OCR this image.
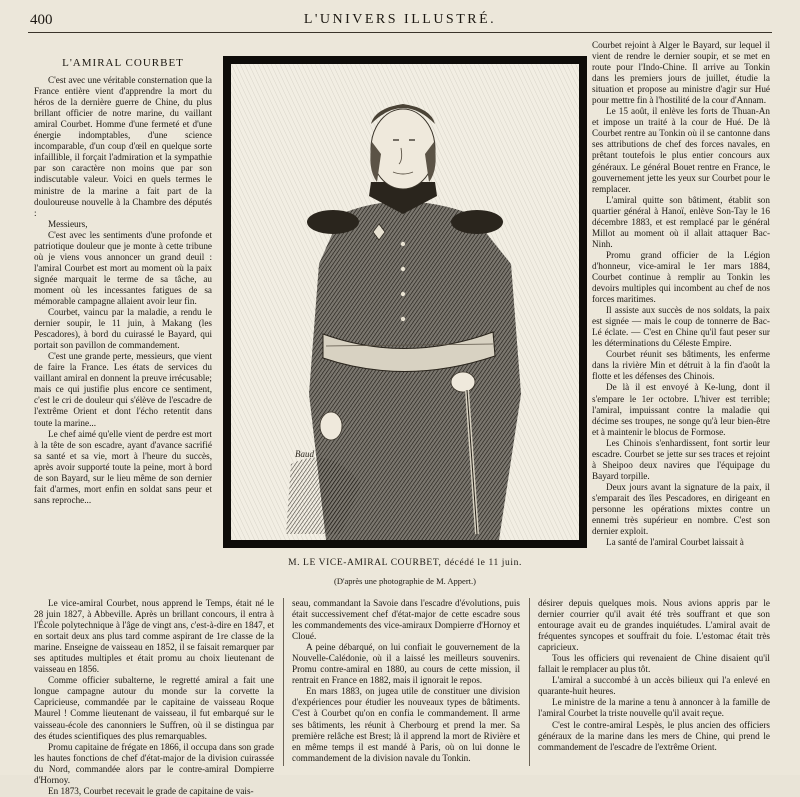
400	L'UNIVERS ILLUSTRÉ.

L'AMIRAL COURBET

C'est avec une véritable consternation que la France entière vient d'apprendre la mort du héros de la dernière guerre de Chine, du plus brillant officier de notre marine, du vaillant amiral Courbet. Homme d'une fermeté et d'une énergie indomptables, d'une science incomparable, d'un coup d'œil en quelque sorte infaillible, il forçait l'admiration et la sympathie par son caractère non moins que par son indiscutable valeur. Voici en quels termes le ministre de la marine a fait part de la douloureuse nouvelle à la Chambre des députés :

Messieurs,

C'est avec les sentiments d'une profonde et patriotique douleur que je monte à cette tribune où je viens vous annoncer un grand deuil : l'amiral Courbet est mort au moment où la paix signée marquait le terme de sa tâche, au moment où les incessantes fatigues de sa mémorable campagne allaient avoir leur fin.

Courbet, vaincu par la maladie, a rendu le dernier soupir, le 11 juin, à Makang (les Pescadores), à bord du cuirassé le Bayard, qui portait son pavillon de commandement.

C'est une grande perte, messieurs, que vient de faire la France. Les états de services du vaillant amiral en donnent la preuve irrécusable; mais ce qui justifie plus encore ce sentiment, c'est le cri de douleur qui s'élève de l'escadre de l'extrême Orient et dont l'écho retentit dans toute la marine...

Le chef aimé qu'elle vient de perdre est mort à la tête de son escadre, ayant d'avance sacrifié sa santé et sa vie, mort à l'heure du succès, après avoir supporté toute la peine, mort à bord de son Bayard, sur le lieu même de son dernier fait d'armes, mort enfin en soldat sans peur et sans reproche...

Baud
M. LE VICE-AMIRAL COURBET, décédé le 11 juin.
(D'après une photographie de M. Appert.)

Courbet rejoint à Alger le Bayard, sur lequel il vient de rendre le dernier soupir, et se met en route pour l'Indo-Chine. Il arrive au Tonkin dans les premiers jours de juillet, étudie la situation et propose au ministre d'agir sur Hué pour mettre fin à l'hostilité de la cour d'Annam.

Le 15 août, il enlève les forts de Thuan-An et impose un traité à la cour de Hué. De là Courbet rentre au Tonkin où il se cantonne dans ses attributions de chef des forces navales, en prêtant toutefois le plus entier concours aux généraux. Le général Bouet rentre en France, le gouvernement jette les yeux sur Courbet pour le remplacer.

L'amiral quitte son bâtiment, établit son quartier général à Hanoï, enlève Son-Tay le 16 décembre 1883, et est remplacé par le général Millot au moment où il allait attaquer Bac-Ninh.

Promu grand officier de la Légion d'honneur, vice-amiral le 1er mars 1884, Courbet continue à remplir au Tonkin les devoirs multiples qui incombent au chef de nos forces maritimes.

Il assiste aux succès de nos soldats, la paix est signée — mais le coup de tonnerre de Bac-Lé éclate. — C'est en Chine qu'il faut peser sur les déterminations du Céleste Empire.

Courbet réunit ses bâtiments, les enferme dans la rivière Min et détruit à la fin d'août la flotte et les défenses des Chinois.

De là il est envoyé à Ke-lung, dont il s'empare le 1er octobre. L'hiver est terrible; l'amiral, impuissant contre la maladie qui décime ses troupes, ne songe qu'à leur bien-être et à maintenir le blocus de Formose.

Les Chinois s'enhardissent, font sortir leur escadre. Courbet se jette sur ses traces et rejoint à Sheipoo deux navires que l'équipage du Bayard torpille.

Deux jours avant la signature de la paix, il s'emparait des îles Pescadores, en dirigeant en personne les opérations mixtes contre un ennemi très supérieur en nombre. C'est son dernier exploit.

La santé de l'amiral Courbet laissait à

Le vice-amiral Courbet, nous apprend le Temps, était né le 28 juin 1827, à Abbeville. Après un brillant concours, il entra à l'École polytechnique à l'âge de vingt ans, c'est-à-dire en 1847, et en sortait deux ans plus tard comme aspirant de 1re classe de la marine. Enseigne de vaisseau en 1852, il se faisait remarquer par ses aptitudes multiples et était promu au choix lieutenant de vaisseau en 1856.

Comme officier subalterne, le regretté amiral a fait une longue campagne autour du monde sur la corvette la Capricieuse, commandée par le capitaine de vaisseau Roque Maurel ! Comme lieutenant de vaisseau, il fut embarqué sur le vaisseau-école des canonniers le Suffren, où il se distingua par des études scientifiques des plus remarquables.

Promu capitaine de frégate en 1866, il occupa dans son grade les hautes fonctions de chef d'état-major de la division cuirassée du Nord, commandée alors par le contre-amiral Dompierre d'Hornoy.

En 1873, Courbet recevait le grade de capitaine de vais-

seau, commandant la Savoie dans l'escadre d'évolutions, puis était successivement chef d'état-major de cette escadre sous les commandements des vice-amiraux Dompierre d'Hornoy et Cloué.

A peine débarqué, on lui confiait le gouvernement de la Nouvelle-Calédonie, où il a laissé les meilleurs souvenirs. Promu contre-amiral en 1880, au cours de cette mission, il rentrait en France en 1882, mais il ignorait le repos.

En mars 1883, on jugea utile de constituer une division d'expériences pour étudier les nouveaux types de bâtiments. C'est à Courbet qu'on en confia le commandement. Il arme ses bâtiments, les réunit à Cherbourg et prend la mer. Sa première relâche est Brest; là il apprend la mort de Rivière et en même temps il est mandé à Paris, où on lui donne le commandement de la division navale du Tonkin.

désirer depuis quelques mois. Nous avions appris par le dernier courrier qu'il avait été très souffrant et que son entourage avait eu de grandes inquiétudes. L'amiral avait de fréquentes syncopes et souffrait du foie. L'estomac était très capricieux.

Tous les officiers qui revenaient de Chine disaient qu'il fallait le remplacer au plus tôt.

L'amiral a succombé à un accès bilieux qui l'a enlevé en quarante-huit heures.

Le ministre de la marine a tenu à annoncer à la famille de l'amiral Courbet la triste nouvelle qu'il avait reçue.

C'est le contre-amiral Lespès, le plus ancien des officiers généraux de la marine dans les mers de Chine, qui prend le commandement de l'escadre de l'extrême Orient.
